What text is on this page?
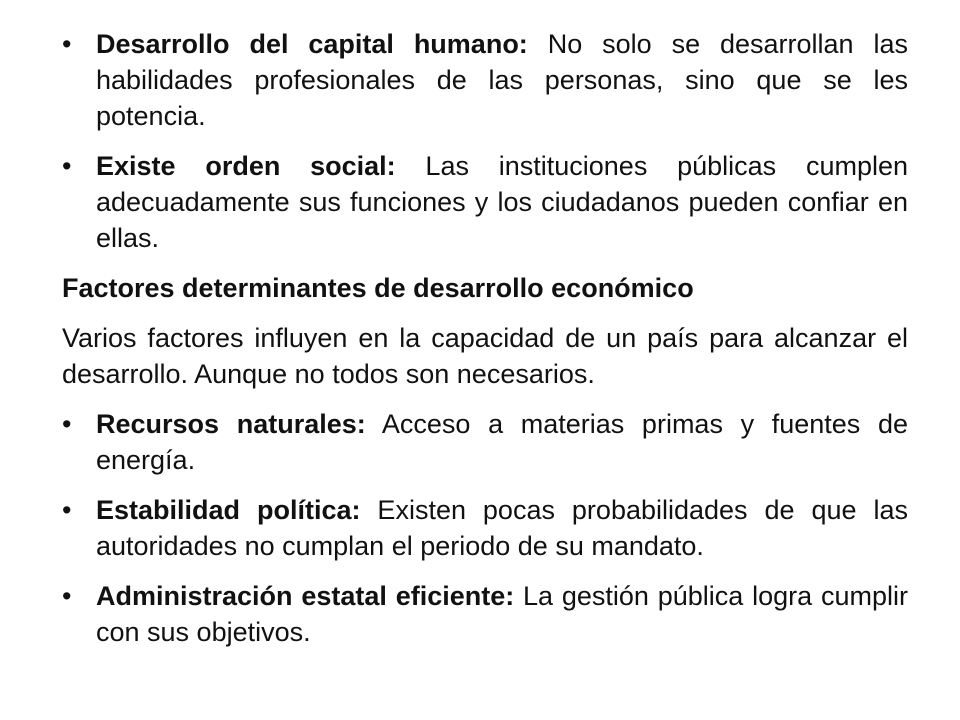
• Desarrollo del capital humano: No solo se desarrollan las habilidades profesionales de las personas, sino que se les potencia.
• Existe orden social: Las instituciones públicas cumplen adecuadamente sus funciones y los ciudadanos pueden confiar en ellas.
Factores determinantes de desarrollo económico
Varios factores influyen en la capacidad de un país para alcanzar el desarrollo. Aunque no todos son necesarios.
• Recursos naturales: Acceso a materias primas y fuentes de energía.
• Estabilidad política: Existen pocas probabilidades de que las autoridades no cumplan el periodo de su mandato.
• Administración estatal eficiente: La gestión pública logra cumplir con sus objetivos.
